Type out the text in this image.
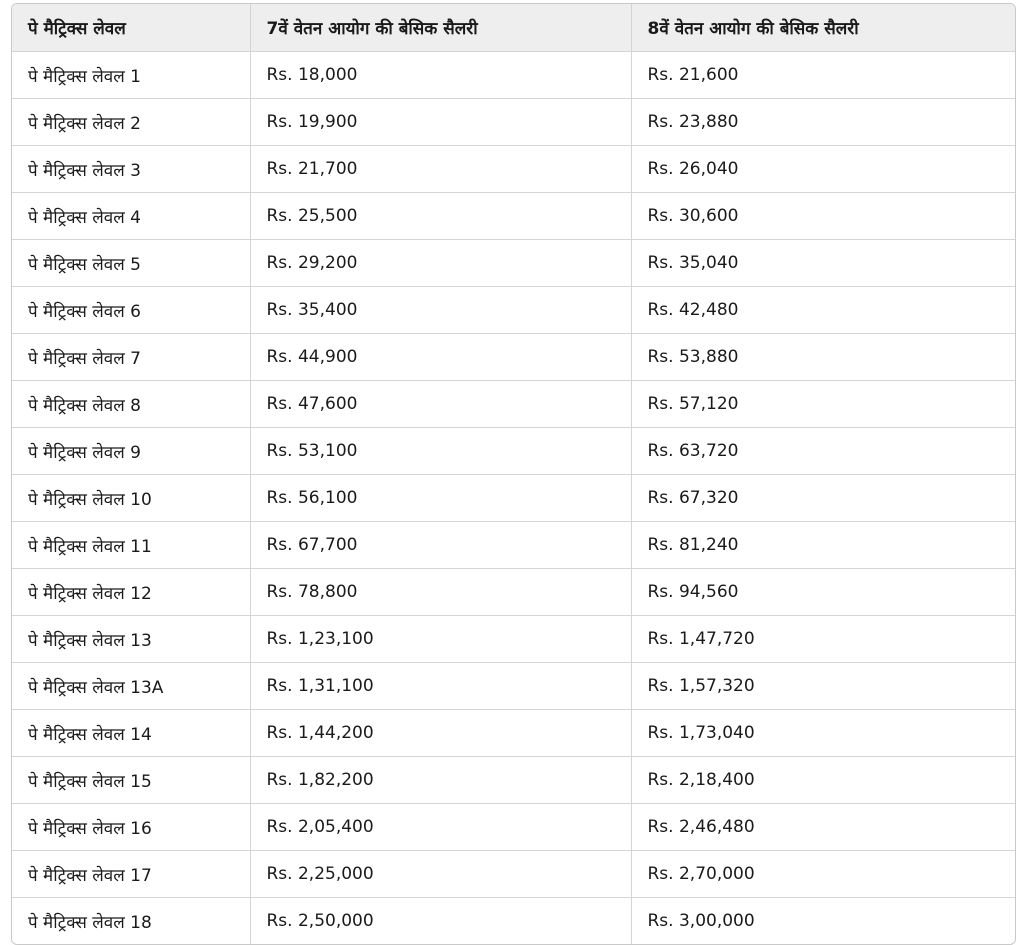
पे मैट्रिक्स लेवल	7वें वेतन आयोग की बेसिक सैलरी	8वें वेतन आयोग की बेसिक सैलरी
पे मैट्रिक्स लेवल 1	Rs. 18,000	Rs. 21,600
पे मैट्रिक्स लेवल 2	Rs. 19,900	Rs. 23,880
पे मैट्रिक्स लेवल 3	Rs. 21,700	Rs. 26,040
पे मैट्रिक्स लेवल 4	Rs. 25,500	Rs. 30,600
पे मैट्रिक्स लेवल 5	Rs. 29,200	Rs. 35,040
पे मैट्रिक्स लेवल 6	Rs. 35,400	Rs. 42,480
पे मैट्रिक्स लेवल 7	Rs. 44,900	Rs. 53,880
पे मैट्रिक्स लेवल 8	Rs. 47,600	Rs. 57,120
पे मैट्रिक्स लेवल 9	Rs. 53,100	Rs. 63,720
पे मैट्रिक्स लेवल 10	Rs. 56,100	Rs. 67,320
पे मैट्रिक्स लेवल 11	Rs. 67,700	Rs. 81,240
पे मैट्रिक्स लेवल 12	Rs. 78,800	Rs. 94,560
पे मैट्रिक्स लेवल 13	Rs. 1,23,100	Rs. 1,47,720
पे मैट्रिक्स लेवल 13A	Rs. 1,31,100	Rs. 1,57,320
पे मैट्रिक्स लेवल 14	Rs. 1,44,200	Rs. 1,73,040
पे मैट्रिक्स लेवल 15	Rs. 1,82,200	Rs. 2,18,400
पे मैट्रिक्स लेवल 16	Rs. 2,05,400	Rs. 2,46,480
पे मैट्रिक्स लेवल 17	Rs. 2,25,000	Rs. 2,70,000
पे मैट्रिक्स लेवल 18	Rs. 2,50,000	Rs. 3,00,000
